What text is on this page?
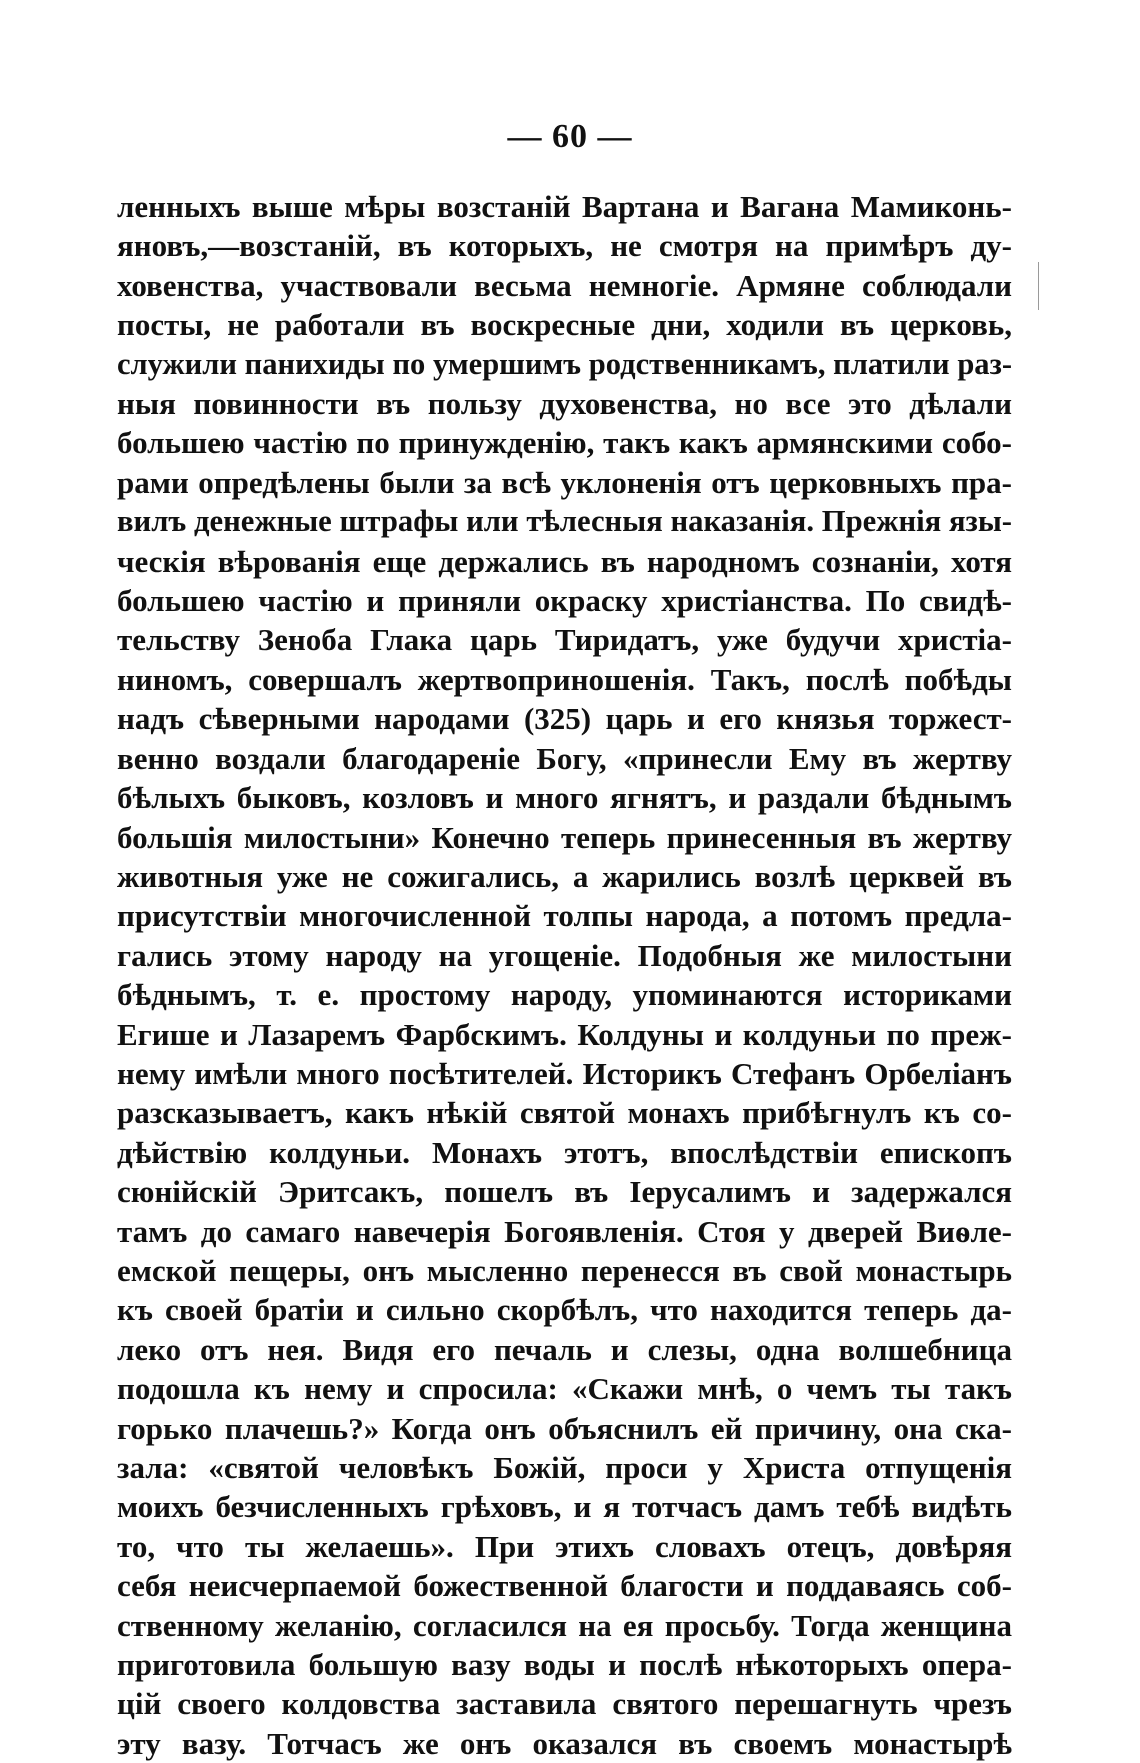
— 60 —
ленныхъ выше мѣры возстаній Вартана и Вагана Мамиконь-
яновъ,—возстаній, въ которыхъ, не смотря на примѣръ ду-
ховенства, участвовали весьма немногіе. Армяне соблюдали
посты, не работали въ воскресные дни, ходили въ церковь,
служили панихиды по умершимъ родственникамъ, платили раз-
ныя повинности въ пользу духовенства, но все это дѣлали
большею частію по принужденію, такъ какъ армянскими собо-
рами опредѣлены были за всѣ уклоненія отъ церковныхъ пра-
вилъ денежные штрафы или тѣлесныя наказанія. Прежнія язы-
ческія вѣрованія еще держались въ народномъ сознаніи, хотя
большею частію и приняли окраску христіанства. По свидѣ-
тельству Зеноба Глака царь Тиридатъ, уже будучи христіа-
ниномъ, совершалъ жертвоприношенія. Такъ, послѣ побѣды
надъ сѣверными народами (325) царь и его князья торжест-
венно воздали благодареніе Богу, «принесли Ему въ жертву
бѣлыхъ быковъ, козловъ и много ягнятъ, и раздали бѣднымъ
большія милостыни» Конечно теперь принесенныя въ жертву
животныя уже не сожигались, а жарились возлѣ церквей въ
присутствіи многочисленной толпы народа, а потомъ предла-
гались этому народу на угощеніе. Подобныя же милостыни
бѣднымъ, т. е. простому народу, упоминаются историками
Егише и Лазаремъ Фарбскимъ. Колдуны и колдуньи по преж-
нему имѣли много посѣтителей. Историкъ Стефанъ Орбеліанъ
разсказываетъ, какъ нѣкій святой монахъ прибѣгнулъ къ со-
дѣйствію колдуньи. Монахъ этотъ, впослѣдствіи епископъ
сюнійскій Эритсакъ, пошелъ въ Іерусалимъ и задержался
тамъ до самаго навечерія Богоявленія. Стоя у дверей Виѳле-
емской пещеры, онъ мысленно перенесся въ свой монастырь
къ своей братіи и сильно скорбѣлъ, что находится теперь да-
леко отъ нея. Видя его печаль и слезы, одна волшебница
подошла къ нему и спросила: «Скажи мнѣ, о чемъ ты такъ
горько плачешь?» Когда онъ объяснилъ ей причину, она ска-
зала: «святой человѣкъ Божій, проси у Христа отпущенія
моихъ безчисленныхъ грѣховъ, и я тотчасъ дамъ тебѣ видѣть
то, что ты желаешь». При этихъ словахъ отецъ, довѣряя
себя неисчерпаемой божественной благости и поддаваясь соб-
ственному желанію, согласился на ея просьбу. Тогда женщина
приготовила большую вазу воды и послѣ нѣкоторыхъ опера-
цій своего колдовства заставила святого перешагнуть чрезъ
эту вазу. Тотчасъ же онъ оказался въ своемъ монастырѣ
